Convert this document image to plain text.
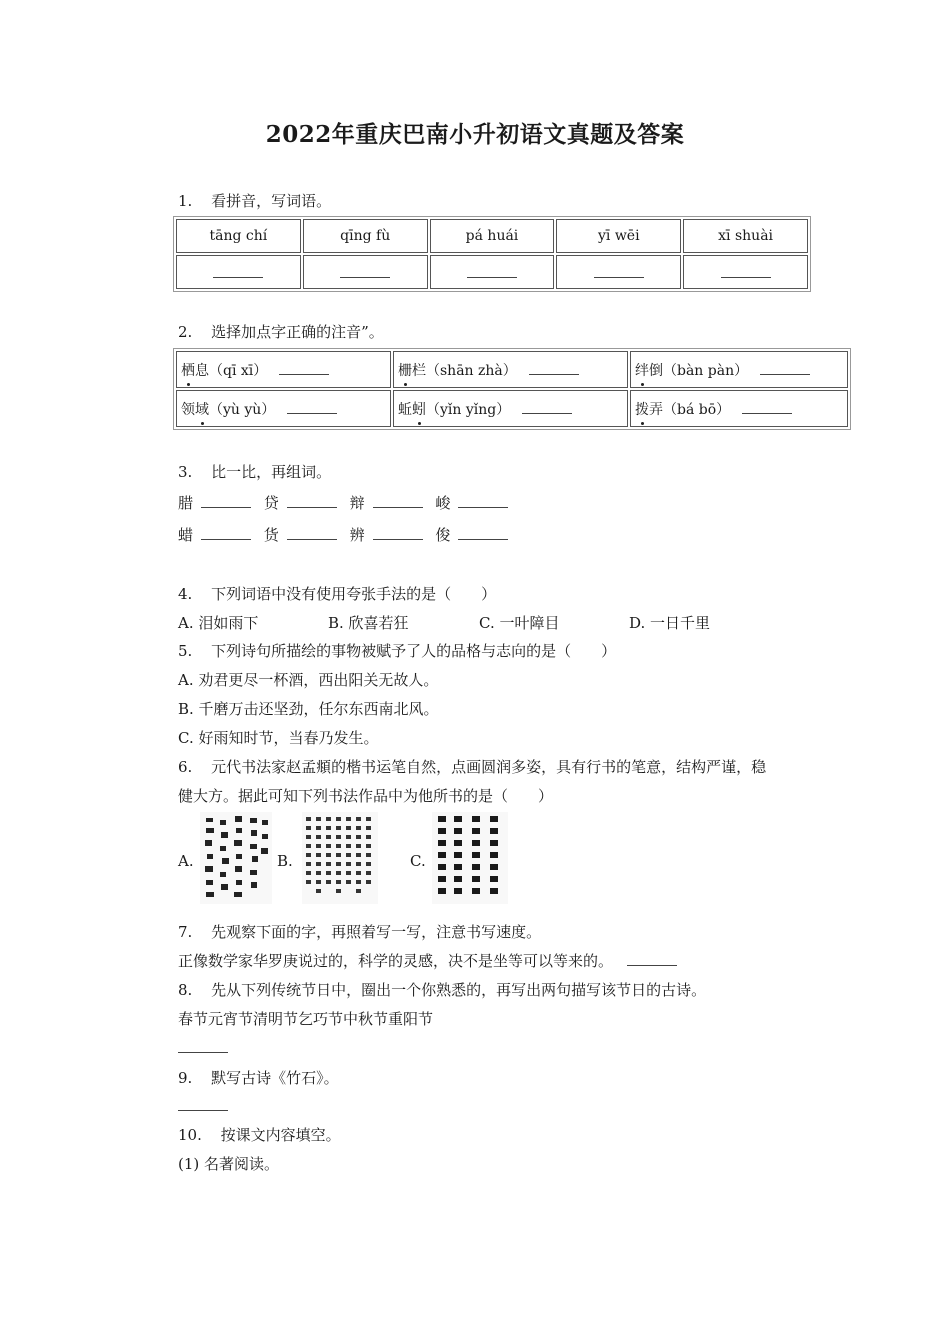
2022年重庆巴南小升初语文真题及答案
1. 看拼音，写词语。
tāng chí	qīng fù	pá huái	yī wēi	xī shuài

2. 选择加点字正确的注音”。
栖息（qī xī）	栅栏（shān zhà）	绊倒（bàn pàn）
领域（yù yù）	蚯蚓（yǐn yǐng）	拨弄（bá bō）
3. 比一比，再组词。
腊	贷	辩	峻
蜡	货	辨	俊
4. 下列词语中没有使用夸张手法的是（　　）
A. 泪如雨下	B. 欣喜若狂	C. 一叶障目	D. 一日千里
5. 下列诗句所描绘的事物被赋予了人的品格与志向的是（　　）
A. 劝君更尽一杯酒，西出阳关无故人。
B. 千磨万击还坚劲，任尔东西南北风。
C. 好雨知时节，当春乃发生。
6. 元代书法家赵孟頫的楷书运笔自然，点画圆润多姿，具有行书的笔意，结构严谨，稳
健大方。据此可知下列书法作品中为他所书的是（　　）
A.	B.	C.
7. 先观察下面的字，再照着写一写，注意书写速度。
正像数学家华罗庚说过的，科学的灵感，决不是坐等可以等来的。
8. 先从下列传统节日中，圈出一个你熟悉的，再写出两句描写该节日的古诗。
春节元宵节清明节乞巧节中秋节重阳节
9. 默写古诗《竹石》。
10. 按课文内容填空。
(1) 名著阅读。
